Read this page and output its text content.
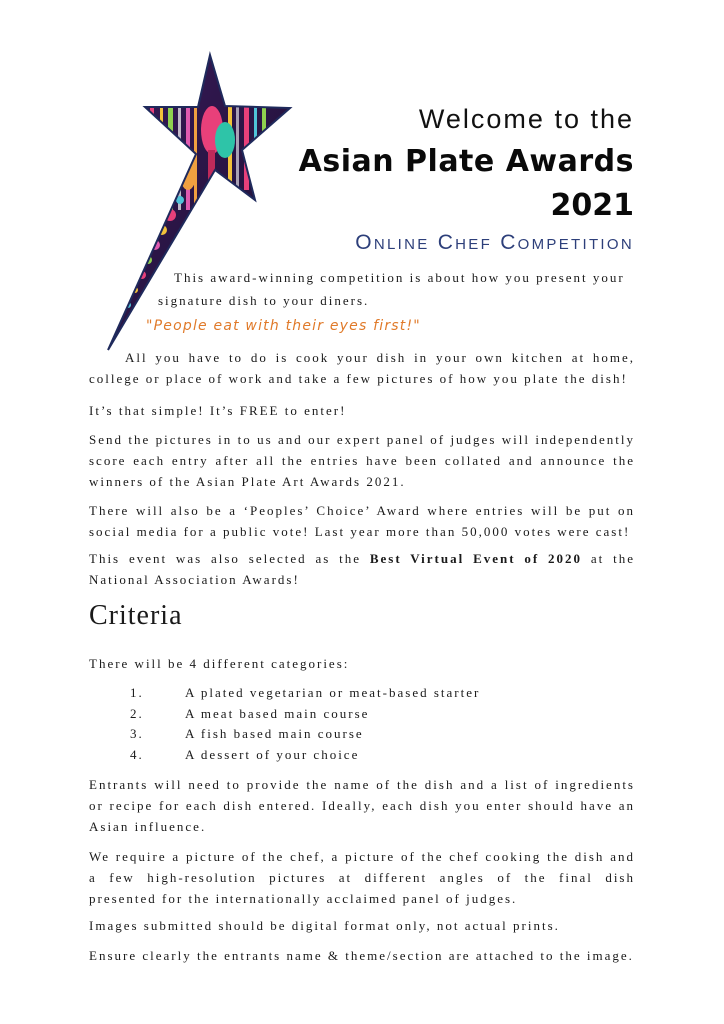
Welcome to the
Asian Plate Awards
2021
Online Chef Competition
This award-winning competition is about how you present your
signature dish to your diners.
"People eat with their eyes first!"

All you have to do is cook your dish in your own kitchen at home, college or place of work and take a few pictures of how you plate the dish!

It’s that simple! It’s FREE to enter!

Send the pictures in to us and our expert panel of judges will independently score each entry after all the entries have been collated and announce the winners of the Asian Plate Art Awards 2021.

There will also be a ‘Peoples’ Choice’ Award where entries will be put on social media for a public vote! Last year more than 50,000 votes were cast!

This event was also selected as the Best Virtual Event of 2020 at the National Association Awards!

Criteria

There will be 4 different categories:

1.	A plated vegetarian or meat-based starter
2.	A meat based main course
3.	A fish based main course
4.	A dessert of your choice

Entrants will need to provide the name of the dish and a list of ingredients or recipe for each dish entered. Ideally, each dish you enter should have an Asian influence.

We require a picture of the chef, a picture of the chef cooking the dish and a few high-resolution pictures at different angles of the final dish presented for the internationally acclaimed panel of judges.

Images submitted should be digital format only, not actual prints.

Ensure clearly the entrants name & theme/section are attached to the image.
